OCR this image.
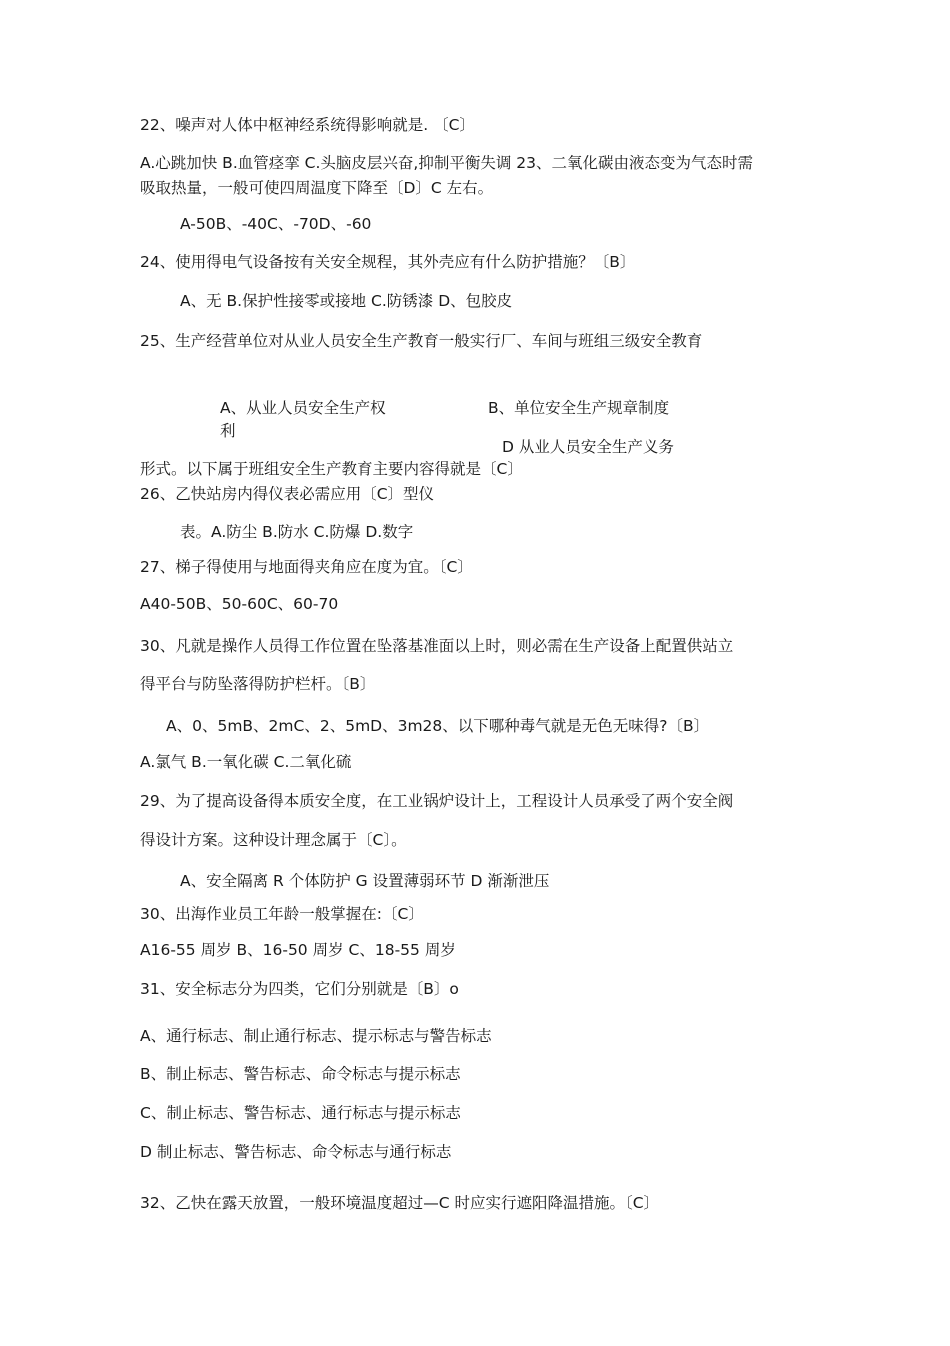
22、噪声对人体中枢神经系统得影响就是. 〔C〕
A.心跳加快 B.血管痉挛 C.头脑皮层兴奋,抑制平衡失调 23、二氧化碳由液态变为气态时需
吸取热量，一般可使四周温度下降至〔D〕C 左右。
A-50B、-40C、-70D、-60
24、使用得电气设备按有关安全规程，其外壳应有什么防护措施？〔B〕
A、无 B.保护性接零或接地 C.防锈漆 D、包胶皮
25、生产经营单位对从业人员安全生产教育一般实行厂、车间与班组三级安全教育
A、从业人员安全生产权
利
B、单位安全生产规章制度
D 从业人员安全生产义务
形式。以下属于班组安全生产教育主要内容得就是〔C〕
26、乙快站房内得仪表必需应用〔C〕型仪
表。A.防尘 B.防水 C.防爆 D.数字
27、梯子得使用与地面得夹角应在度为宜。〔C〕
A40-50B、50-60C、60-70
30、凡就是操作人员得工作位置在坠落基准面以上时，则必需在生产设备上配置供站立
得平台与防坠落得防护栏杆。〔B〕
A、0、5mB、2mC、2、5mD、3m28、以下哪种毒气就是无色无味得?〔B〕
A.氯气 B.一氧化碳 C.二氧化硫
29、为了提高设备得本质安全度，在工业锅炉设计上，工程设计人员承受了两个安全阀
得设计方案。这种设计理念属于〔C〕。
A、安全隔离 R 个体防护 G 设置薄弱环节 D 渐渐泄压
30、出海作业员工年龄一般掌握在:〔C〕
A16-55 周岁 B、16-50 周岁 C、18-55 周岁
31、安全标志分为四类，它们分别就是〔B〕o
A、通行标志、制止通行标志、提示标志与警告标志
B、制止标志、警告标志、命令标志与提示标志
C、制止标志、警告标志、通行标志与提示标志
D 制止标志、警告标志、命令标志与通行标志
32、乙快在露天放置，一般环境温度超过—C 时应实行遮阳降温措施。〔C〕
